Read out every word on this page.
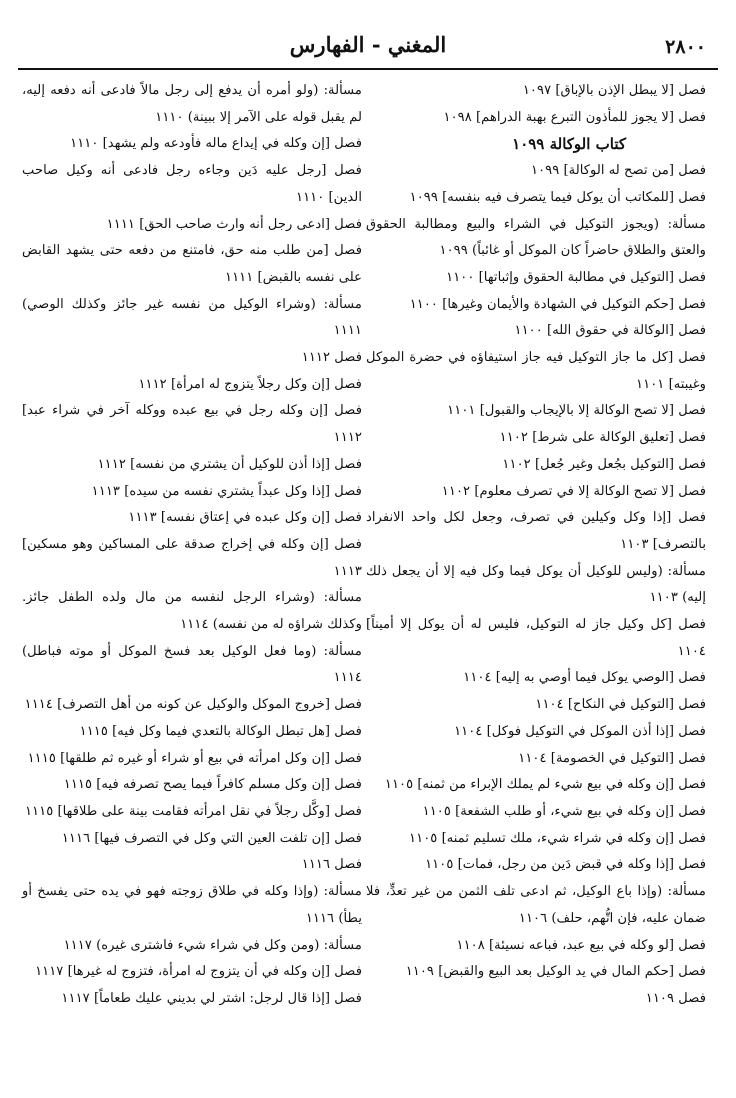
٢٨٠٠
المغني - الفهارس

فصل [لا يبطل الإذن بالإباق] ١٠٩٧

فصل [لا يجوز للمأذون التبرع بهبة الدراهم] ١٠٩٨

كتاب الوكالة ١٠٩٩

فصل [من تصح له الوكالة] ١٠٩٩

فصل [للمكاتب أن يوكل فيما يتصرف فيه بنفسه] ١٠٩٩

مسألة: (ويجوز التوكيل في الشراء والبيع ومطالبة الحقوق والعتق والطلاق حاضراً كان الموكل أو غائباً) ١٠٩٩

فصل [التوكيل في مطالبة الحقوق وإثباتها] ١١٠٠

فصل [حكم التوكيل في الشهادة والأيمان وغيرها] ١١٠٠

فصل [الوكالة في حقوق الله] ١١٠٠

فصل [كل ما جاز التوكيل فيه جاز استيفاؤه في حضرة الموكل وغيبته] ١١٠١

فصل [لا تصح الوكالة إلا بالإيجاب والقبول] ١١٠١

فصل [تعليق الوكالة على شرط] ١١٠٢

فصل [التوكيل بجُعل وغير جُعل] ١١٠٢

فصل [لا تصح الوكالة إلا في تصرف معلوم] ١١٠٢

فصل [إذا وكل وكيلين في تصرف، وجعل لكل واحد الانفراد بالتصرف] ١١٠٣

مسألة: (وليس للوكيل أن يوكل فيما وكل فيه إلا أن يجعل ذلك إليه) ١١٠٣

فصل [كل وكيل جاز له التوكيل، فليس له أن يوكل إلا أميناً] ١١٠٤

فصل [الوصي يوكل فيما أوصي به إليه] ١١٠٤

فصل [التوكيل في النكاح] ١١٠٤

فصل [إذا أذن الموكل في التوكيل فوكل] ١١٠٤

فصل [التوكيل في الخصومة] ١١٠٤

فصل [إن وكله في بيع شيء لم يملك الإبراء من ثمنه] ١١٠٥

فصل [إن وكله في بيع شيء، أو طلب الشفعة] ١١٠٥

فصل [إن وكله في شراء شيء، ملك تسليم ثمنه] ١١٠٥

فصل [إذا وكله في قبض دَين من رجل، فمات] ١١٠٥

مسألة: (وإذا باع الوكيل، ثم ادعى تلف الثمن من غير تعدٍّ، فلا ضمان عليه، فإن اتُّهم، حلف) ١١٠٦

فصل [لو وكله في بيع عبد، فباعه نسيئة] ١١٠٨

فصل [حكم المال في يد الوكيل بعد البيع والقبض] ١١٠٩

فصل ١١٠٩

مسألة: (ولو أمره أن يدفع إلى رجل مالاً فادعى أنه دفعه إليه، لم يقبل قوله على الآمر إلا ببينة) ١١١٠

فصل [إن وكله في إيداع ماله فأودعه ولم يشهد] ١١١٠

فصل [رجل عليه دَين وجاءه رجل فادعى أنه وكيل صاحب الدين] ١١١٠

فصل [ادعى رجل أنه وارث صاحب الحق] ١١١١

فصل [من طلب منه حق، فامتنع من دفعه حتى يشهد القابض على نفسه بالقبض] ١١١١

مسألة: (وشراء الوكيل من نفسه غير جائز وكذلك الوصي) ١١١١

فصل ١١١٢

فصل [إن وكل رجلاً يتزوج له امرأة] ١١١٢

فصل [إن وكله رجل في بيع عبده ووكله آخر في شراء عبد] ١١١٢

فصل [إذا أذن للوكيل أن يشتري من نفسه] ١١١٢

فصل [إذا وكل عبداً يشتري نفسه من سيده] ١١١٣

فصل [إن وكل عبده في إعتاق نفسه] ١١١٣

فصل [إن وكله في إخراج صدقة على المساكين وهو مسكين] ١١١٣

مسألة: (وشراء الرجل لنفسه من مال ولده الطفل جائز. وكذلك شراؤه له من نفسه) ١١١٤

مسألة: (وما فعل الوكيل بعد فسخ الموكل أو موته فباطل) ١١١٤

فصل [خروج الموكل والوكيل عن كونه من أهل التصرف] ١١١٤

فصل [هل تبطل الوكالة بالتعدي فيما وكل فيه] ١١١٥

فصل [إن وكل امرأته في بيع أو شراء أو غيره ثم طلقها] ١١١٥

فصل [إن وكل مسلم كافراً فيما يصح تصرفه فيه] ١١١٥

فصل [وكَّل رجلاً في نقل امرأته فقامت بينة على طلاقها] ١١١٥

فصل [إن تلفت العين التي وكل في التصرف فيها] ١١١٦

فصل ١١١٦

مسألة: (وإذا وكله في طلاق زوجته فهو في يده حتى يفسخ أو يطأ) ١١١٦

مسألة: (ومن وكل في شراء شيء فاشترى غيره) ١١١٧

فصل [إن وكله في أن يتزوج له امرأة، فتزوج له غيرها] ١١١٧

فصل [إذا قال لرجل: اشتر لي بديني عليك طعاماً] ١١١٧
